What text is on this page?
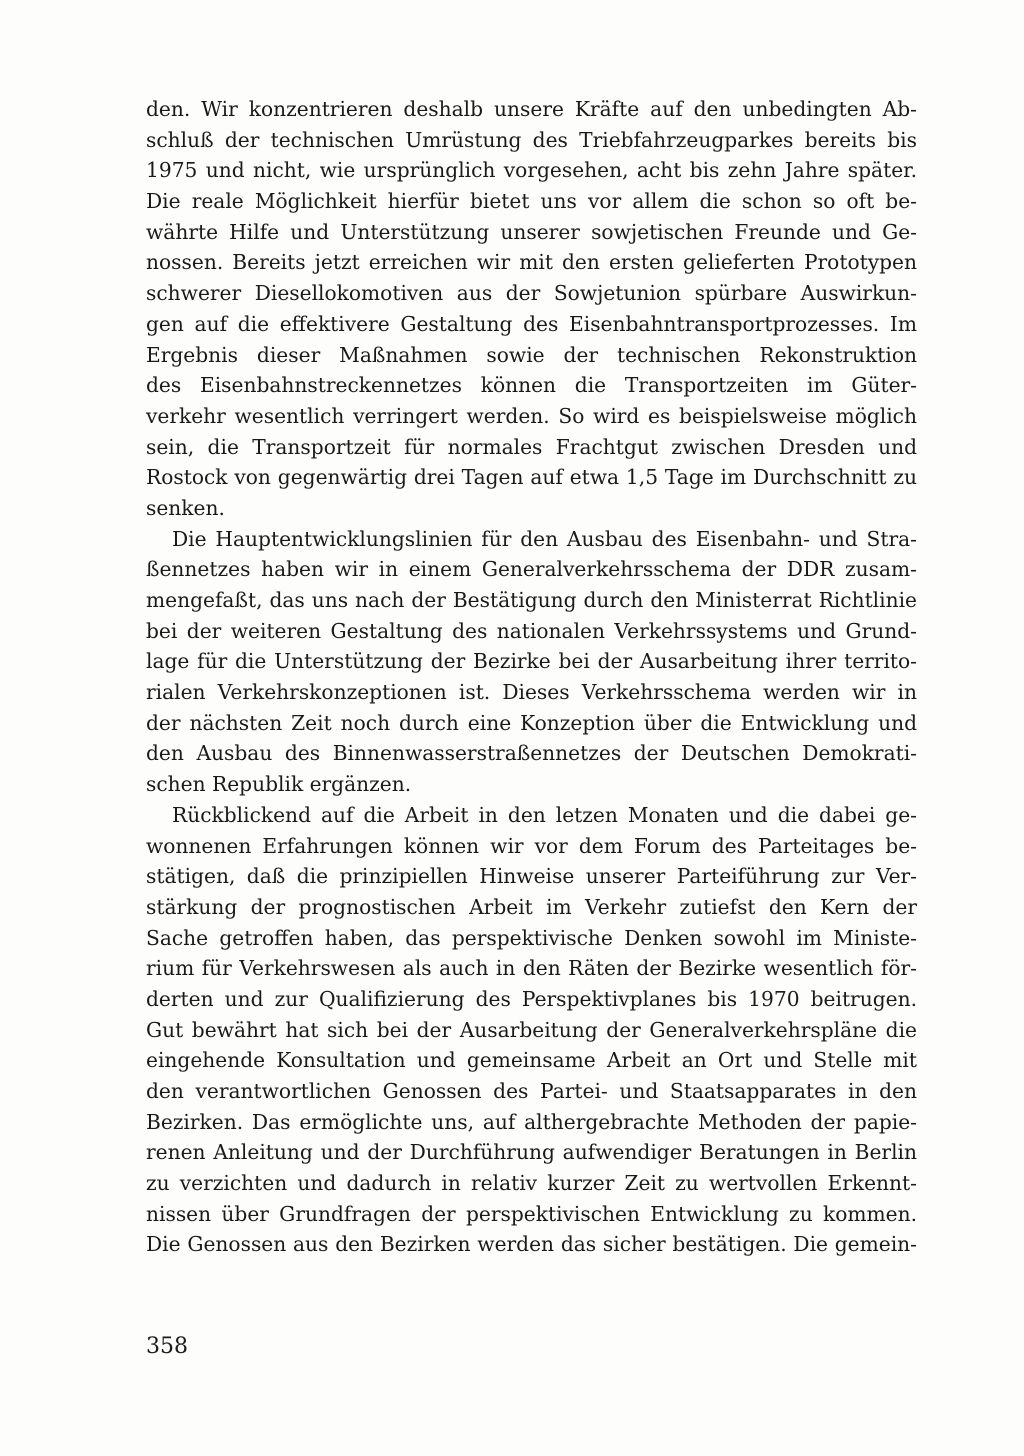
den. Wir konzentrieren deshalb unsere Kräfte auf den unbedingten Ab-
schluß der technischen Umrüstung des Triebfahrzeugparkes bereits bis
1975 und nicht, wie ursprünglich vorgesehen, acht bis zehn Jahre später.
Die reale Möglichkeit hierfür bietet uns vor allem die schon so oft be-
währte Hilfe und Unterstützung unserer sowjetischen Freunde und Ge-
nossen. Bereits jetzt erreichen wir mit den ersten gelieferten Prototypen
schwerer Diesellokomotiven aus der Sowjetunion spürbare Auswirkun-
gen auf die effektivere Gestaltung des Eisenbahntransportprozesses. Im
Ergebnis dieser Maßnahmen sowie der technischen Rekonstruktion
des Eisenbahnstreckennetzes können die Transportzeiten im Güter-
verkehr wesentlich verringert werden. So wird es beispielsweise möglich
sein, die Transportzeit für normales Frachtgut zwischen Dresden und
Rostock von gegenwärtig drei Tagen auf etwa 1,5 Tage im Durchschnitt zu
senken.
Die Hauptentwicklungslinien für den Ausbau des Eisenbahn- und Stra-
ßennetzes haben wir in einem Generalverkehrsschema der DDR zusam-
mengefaßt, das uns nach der Bestätigung durch den Ministerrat Richtlinie
bei der weiteren Gestaltung des nationalen Verkehrssystems und Grund-
lage für die Unterstützung der Bezirke bei der Ausarbeitung ihrer territo-
rialen Verkehrskonzeptionen ist. Dieses Verkehrsschema werden wir in
der nächsten Zeit noch durch eine Konzeption über die Entwicklung und
den Ausbau des Binnenwasserstraßennetzes der Deutschen Demokrati-
schen Republik ergänzen.
Rückblickend auf die Arbeit in den letzen Monaten und die dabei ge-
wonnenen Erfahrungen können wir vor dem Forum des Parteitages be-
stätigen, daß die prinzipiellen Hinweise unserer Parteiführung zur Ver-
stärkung der prognostischen Arbeit im Verkehr zutiefst den Kern der
Sache getroffen haben, das perspektivische Denken sowohl im Ministe-
rium für Verkehrswesen als auch in den Räten der Bezirke wesentlich för-
derten und zur Qualifizierung des Perspektivplanes bis 1970 beitrugen.
Gut bewährt hat sich bei der Ausarbeitung der Generalverkehrspläne die
eingehende Konsultation und gemeinsame Arbeit an Ort und Stelle mit
den verantwortlichen Genossen des Partei- und Staatsapparates in den
Bezirken. Das ermöglichte uns, auf althergebrachte Methoden der papie-
renen Anleitung und der Durchführung aufwendiger Beratungen in Berlin
zu verzichten und dadurch in relativ kurzer Zeit zu wertvollen Erkennt-
nissen über Grundfragen der perspektivischen Entwicklung zu kommen.
Die Genossen aus den Bezirken werden das sicher bestätigen. Die gemein-
358
